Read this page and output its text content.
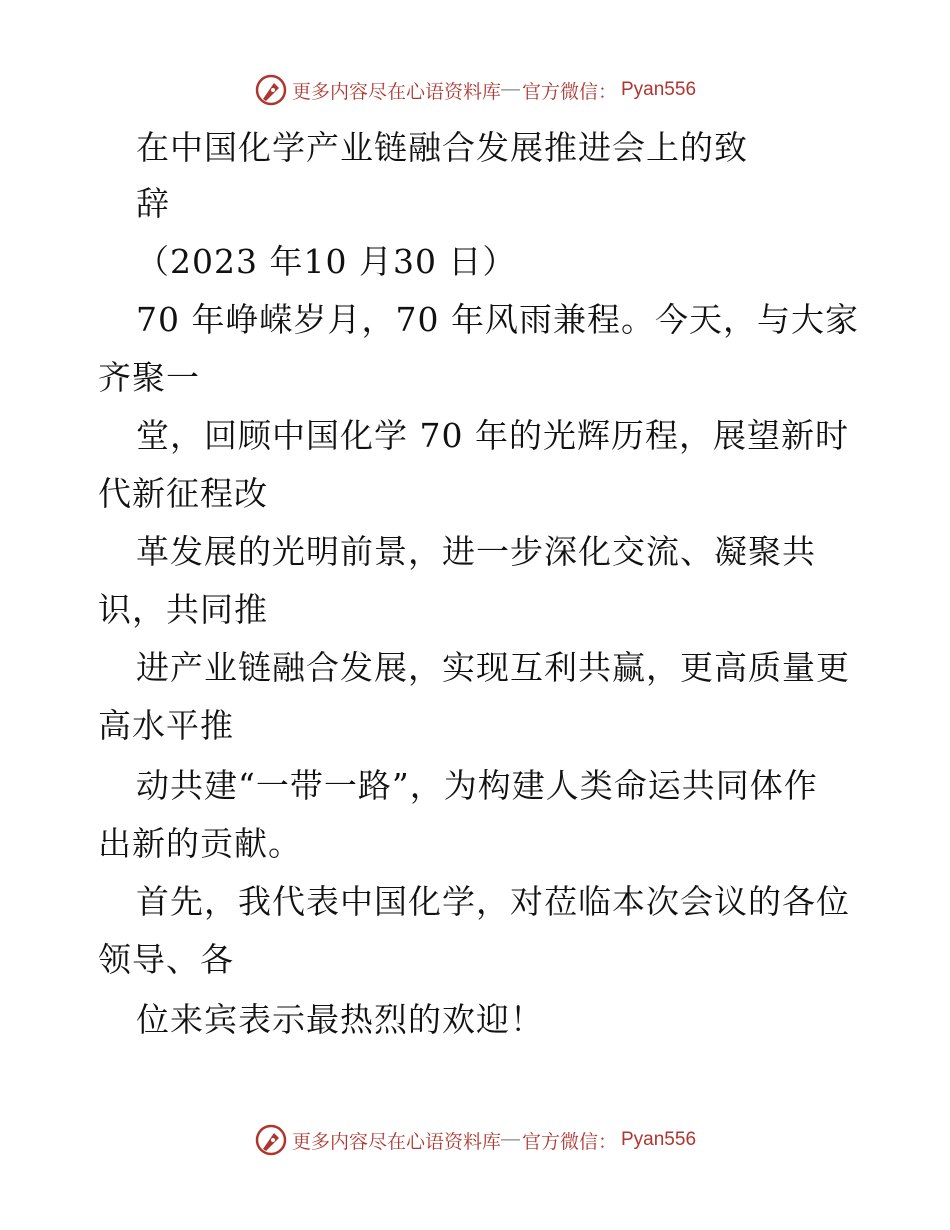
更多内容尽在心语资料库 — 官方微信： Pyan556
在中国化学产业链融合发展推进会上的致
辞
（2023 年10 月30 日）
70 年峥嵘岁月，70 年风雨兼程。今天，与大家
齐聚一
堂，回顾中国化学 70 年的光辉历程，展望新时
代新征程改
革发展的光明前景，进一步深化交流、凝聚共
识，共同推
进产业链融合发展，实现互利共赢，更高质量更
高水平推
动共建“一带一路”，为构建人类命运共同体作
出新的贡献。
首先，我代表中国化学，对莅临本次会议的各位
领导、各
位来宾表示最热烈的欢迎！
更多内容尽在心语资料库 — 官方微信： Pyan556
